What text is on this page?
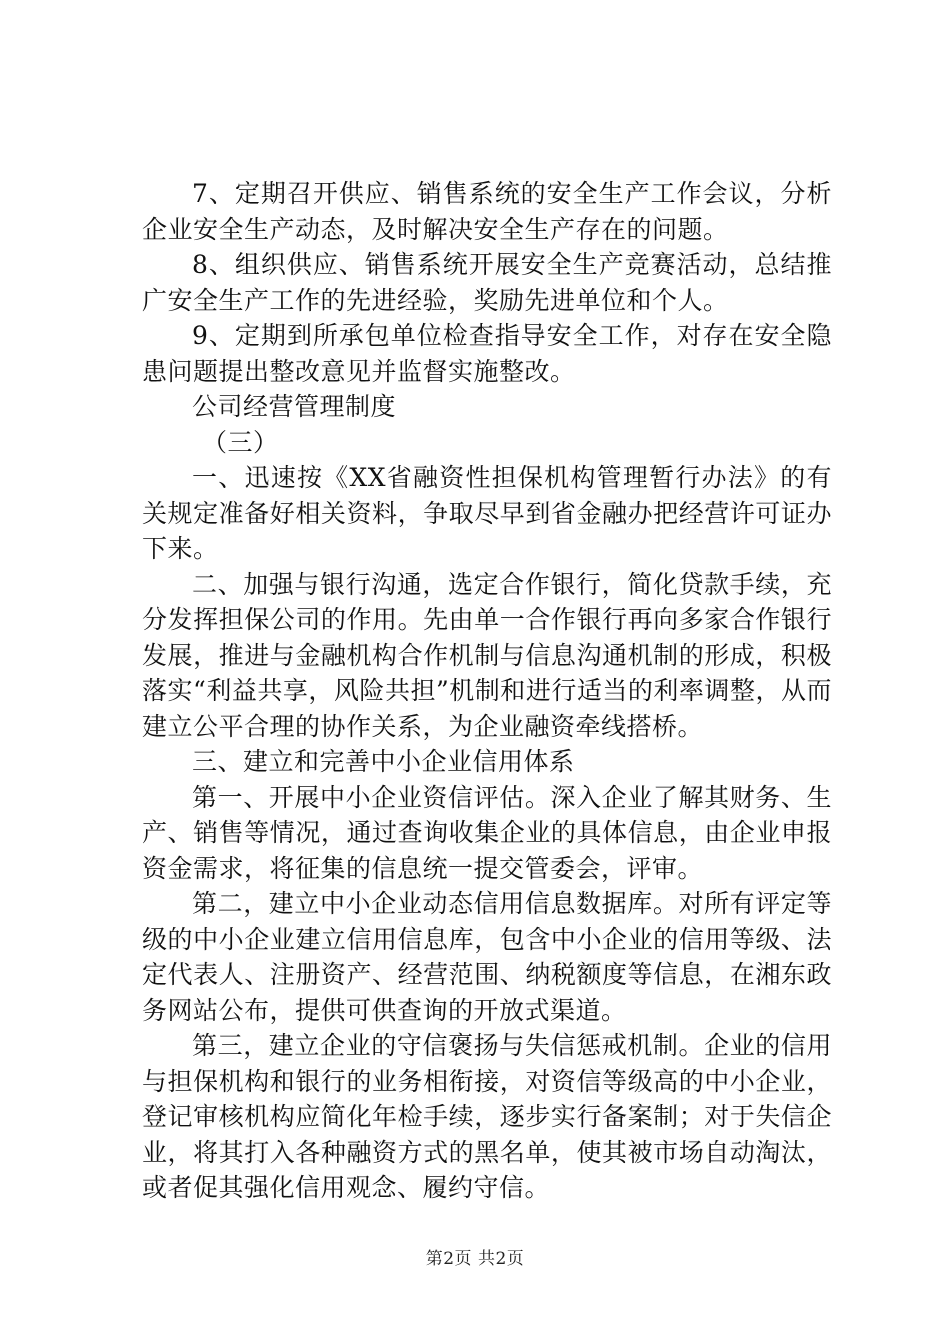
7、定期召开供应、销售系统的安全生产工作会议，分析企业安全生产动态，及时解决安全生产存在的问题。

8、组织供应、销售系统开展安全生产竞赛活动，总结推广安全生产工作的先进经验，奖励先进单位和个人。

9、定期到所承包单位检查指导安全工作，对存在安全隐患问题提出整改意见并监督实施整改。

公司经营管理制度

（三）

一、迅速按《XX省融资性担保机构管理暂行办法》的有关规定准备好相关资料，争取尽早到省金融办把经营许可证办下来。

二、加强与银行沟通，选定合作银行，简化贷款手续，充分发挥担保公司的作用。先由单一合作银行再向多家合作银行发展，推进与金融机构合作机制与信息沟通机制的形成，积极落实“利益共享，风险共担”机制和进行适当的利率调整，从而建立公平合理的协作关系，为企业融资牵线搭桥。

三、建立和完善中小企业信用体系

第一、开展中小企业资信评估。深入企业了解其财务、生产、销售等情况，通过查询收集企业的具体信息，由企业申报资金需求，将征集的信息统一提交管委会，评审。

第二，建立中小企业动态信用信息数据库。对所有评定等级的中小企业建立信用信息库，包含中小企业的信用等级、法定代表人、注册资产、经营范围、纳税额度等信息，在湘东政务网站公布，提供可供查询的开放式渠道。

第三，建立企业的守信褒扬与失信惩戒机制。企业的信用与担保机构和银行的业务相衔接，对资信等级高的中小企业，登记审核机构应简化年检手续，逐步实行备案制；对于失信企业，将其打入各种融资方式的黑名单，使其被市场自动淘汰，或者促其强化信用观念、履约守信。

第2页 共2页
